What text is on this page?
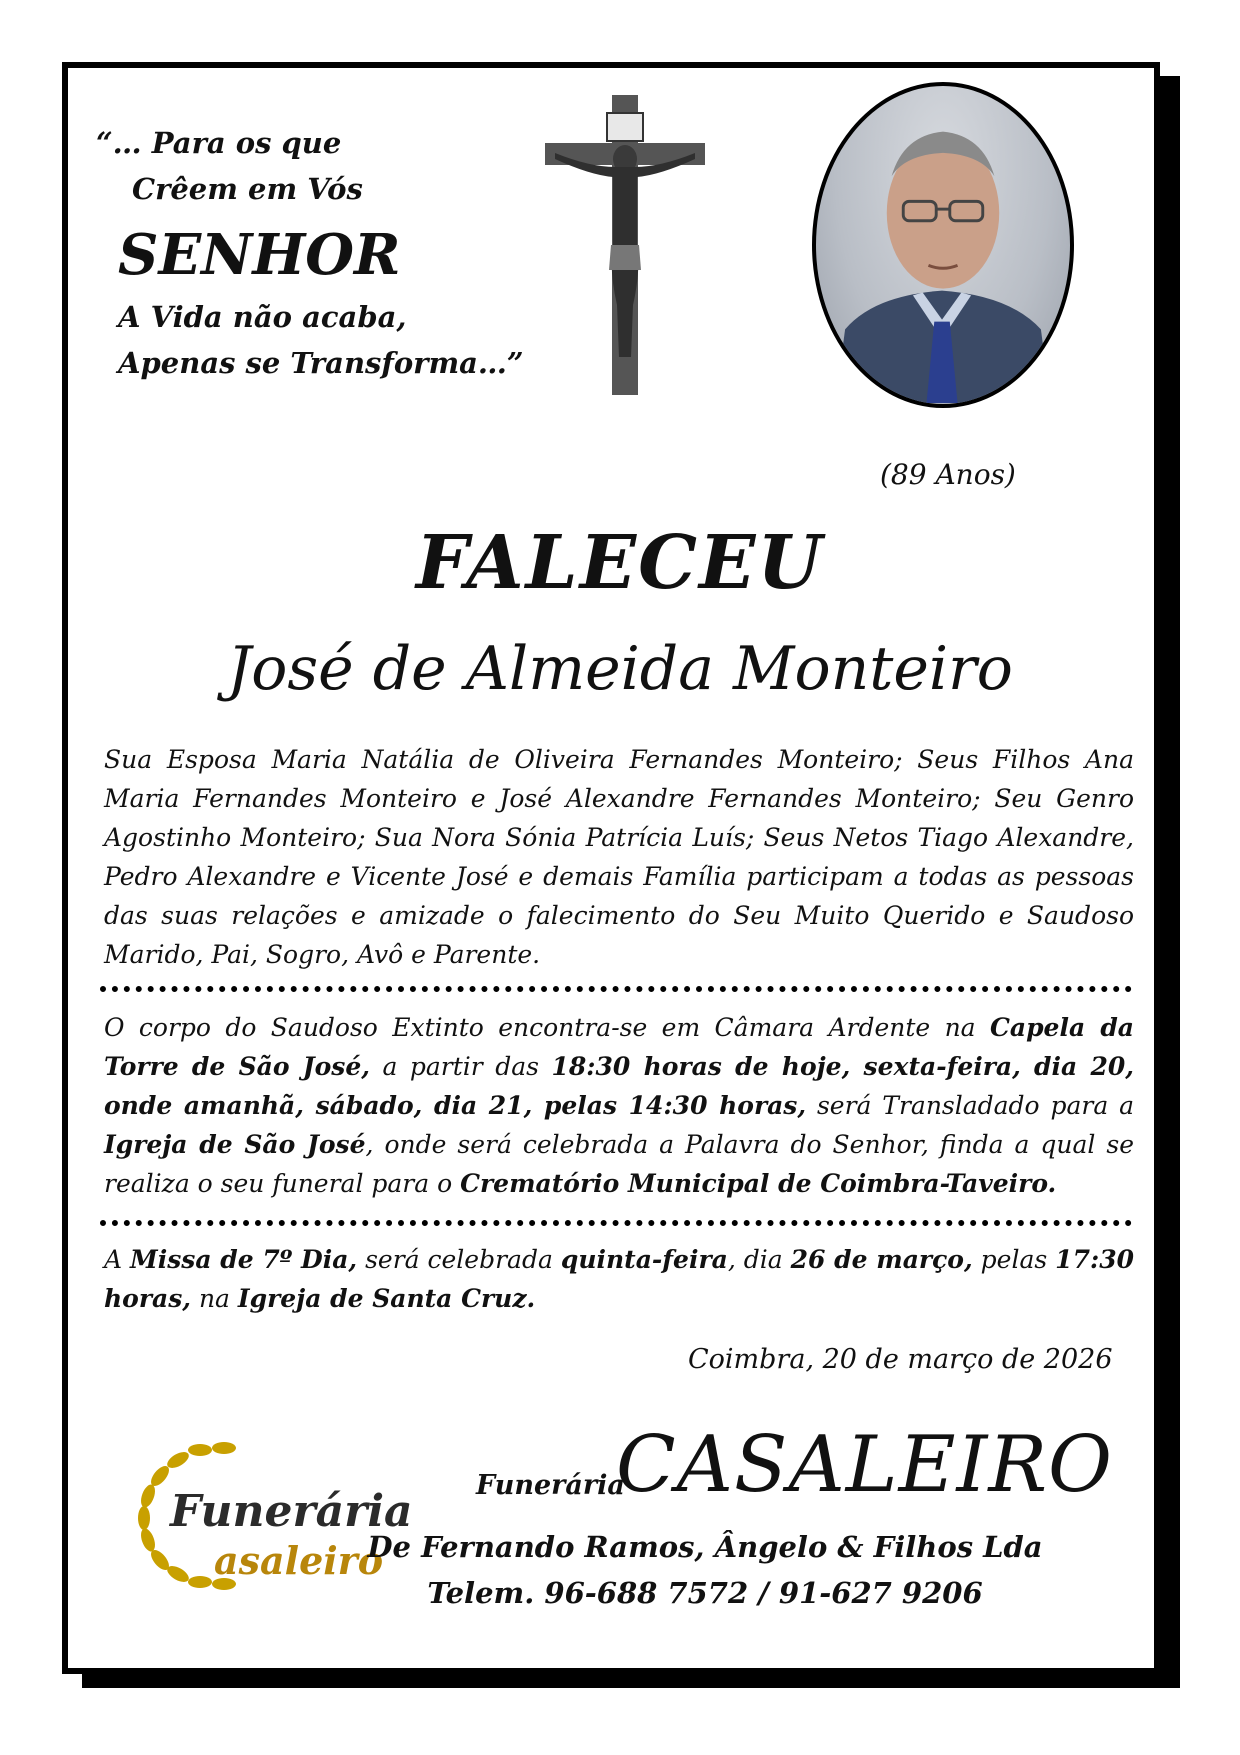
“… Para os que
Crêem em Vós
SENHOR
A Vida não acaba,
Apenas se Transforma…”
(89 Anos)
FALECEU
José de Almeida Monteiro
Sua Esposa Maria Natália de Oliveira Fernandes Monteiro; Seus Filhos Ana Maria Fernandes Monteiro e José Alexandre Fernandes Monteiro; Seu Genro Agostinho Monteiro; Sua Nora Sónia Patrícia Luís; Seus Netos Tiago Alexandre, Pedro Alexandre e Vicente José e demais Família participam a todas as pessoas das suas relações e amizade o falecimento do Seu Muito Querido e Saudoso Marido, Pai, Sogro, Avô e Parente.
O corpo do Saudoso Extinto encontra-se em Câmara Ardente na Capela da Torre de São José, a partir das 18:30 horas de hoje, sexta-feira, dia 20, onde amanhã, sábado, dia 21, pelas 14:30 horas, será Transladado para a Igreja de São José, onde será celebrada a Palavra do Senhor, finda a qual se realiza o seu funeral para o Crematório Municipal de Coimbra-Taveiro.
A Missa de 7º Dia, será celebrada quinta-feira, dia 26 de março, pelas 17:30 horas, na Igreja de Santa Cruz.
Coimbra, 20 de março de 2026
Funerária
asaleiro
Funerária
CASALEIRO
De Fernando Ramos, Ângelo & Filhos Lda
Telem. 96-688 7572 / 91-627 9206
